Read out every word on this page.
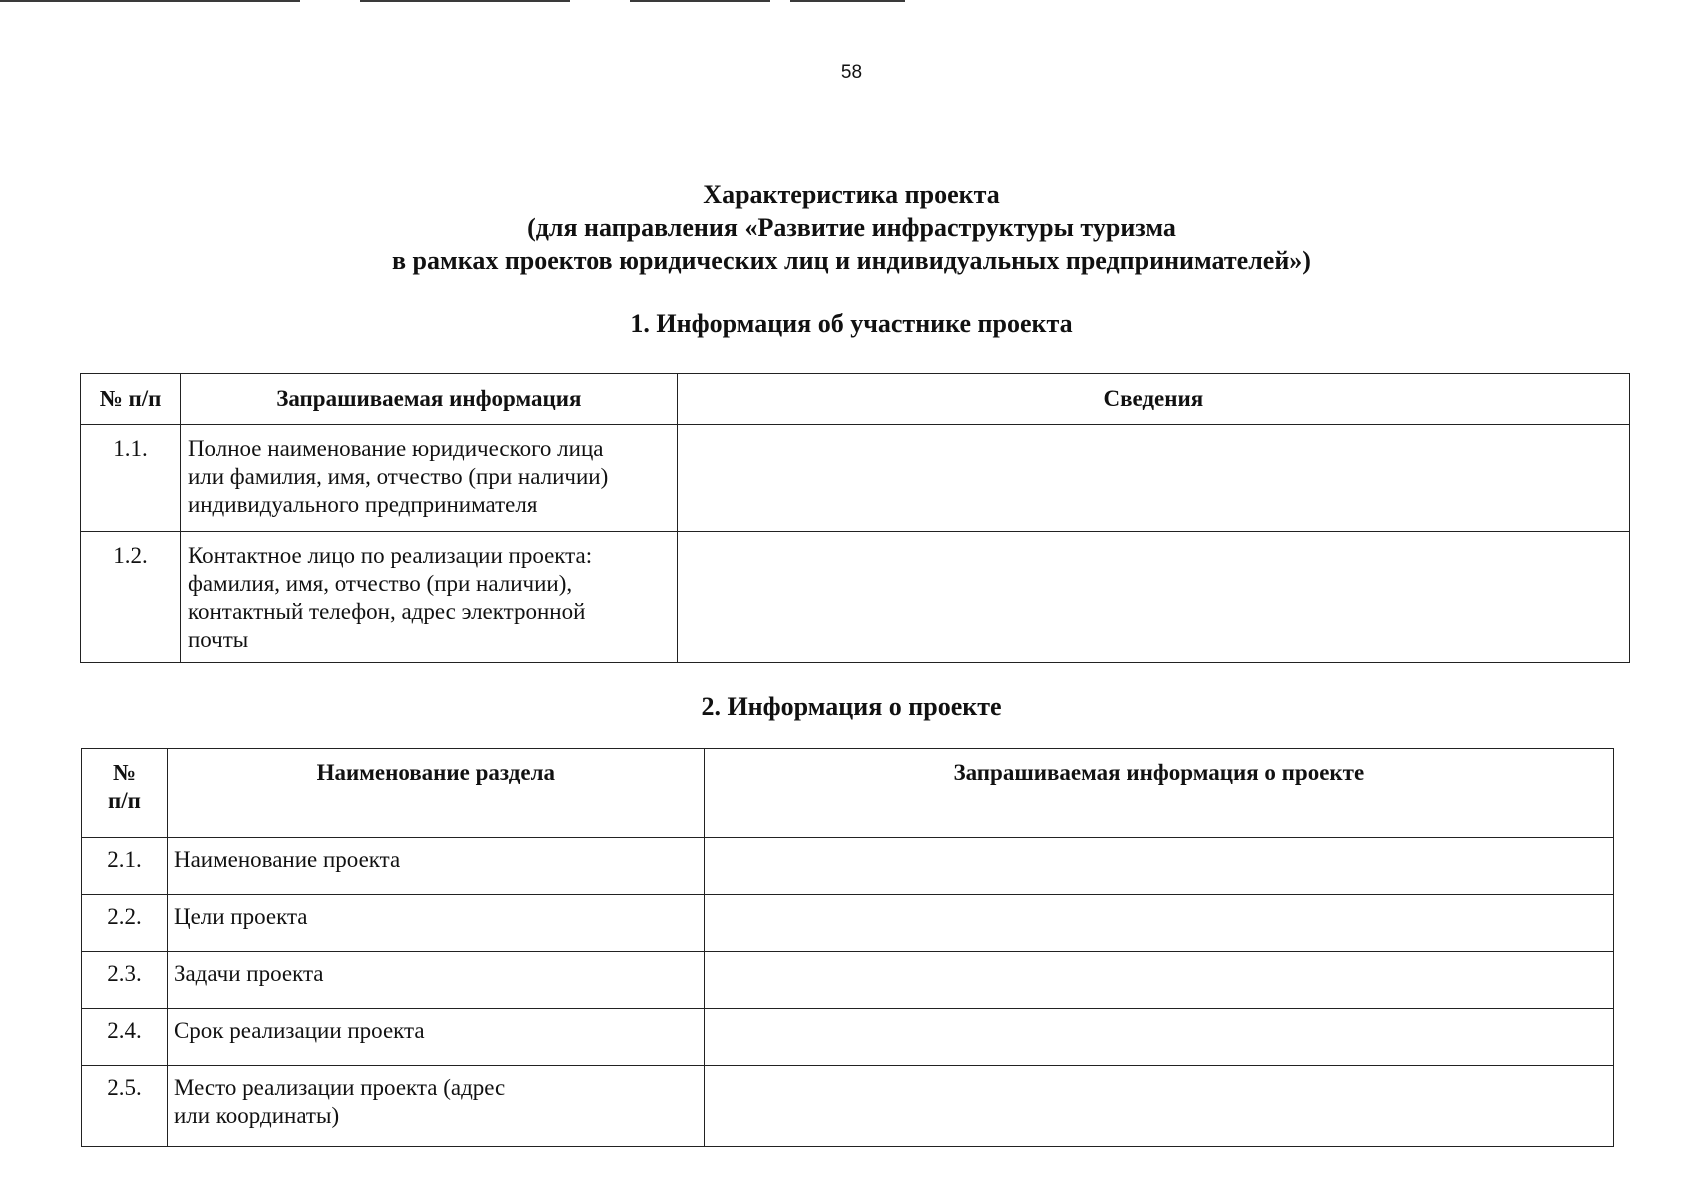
58
Характеристика проекта
(для направления «Развитие инфраструктуры туризма
в рамках проектов юридических лиц и индивидуальных предпринимателей»)
1. Информация об участнике проекта
№ п/п	Запрашиваемая информация	Сведения
1.1.	Полное наименование юридического лица
или фамилия, имя, отчество (при наличии)
индивидуального предпринимателя	

1.2.	Контактное лицо по реализации проекта:
фамилия, имя, отчество (при наличии),
контактный телефон, адрес электронной
почты	

2. Информация о проекте
№
п/п	Наименование раздела	Запрашиваемая информация о проекте
2.1.	Наименование проекта	

2.2.	Цели проекта	

2.3.	Задачи проекта	

2.4.	Срок реализации проекта	

2.5.	Место реализации проекта (адрес
или координаты)	
